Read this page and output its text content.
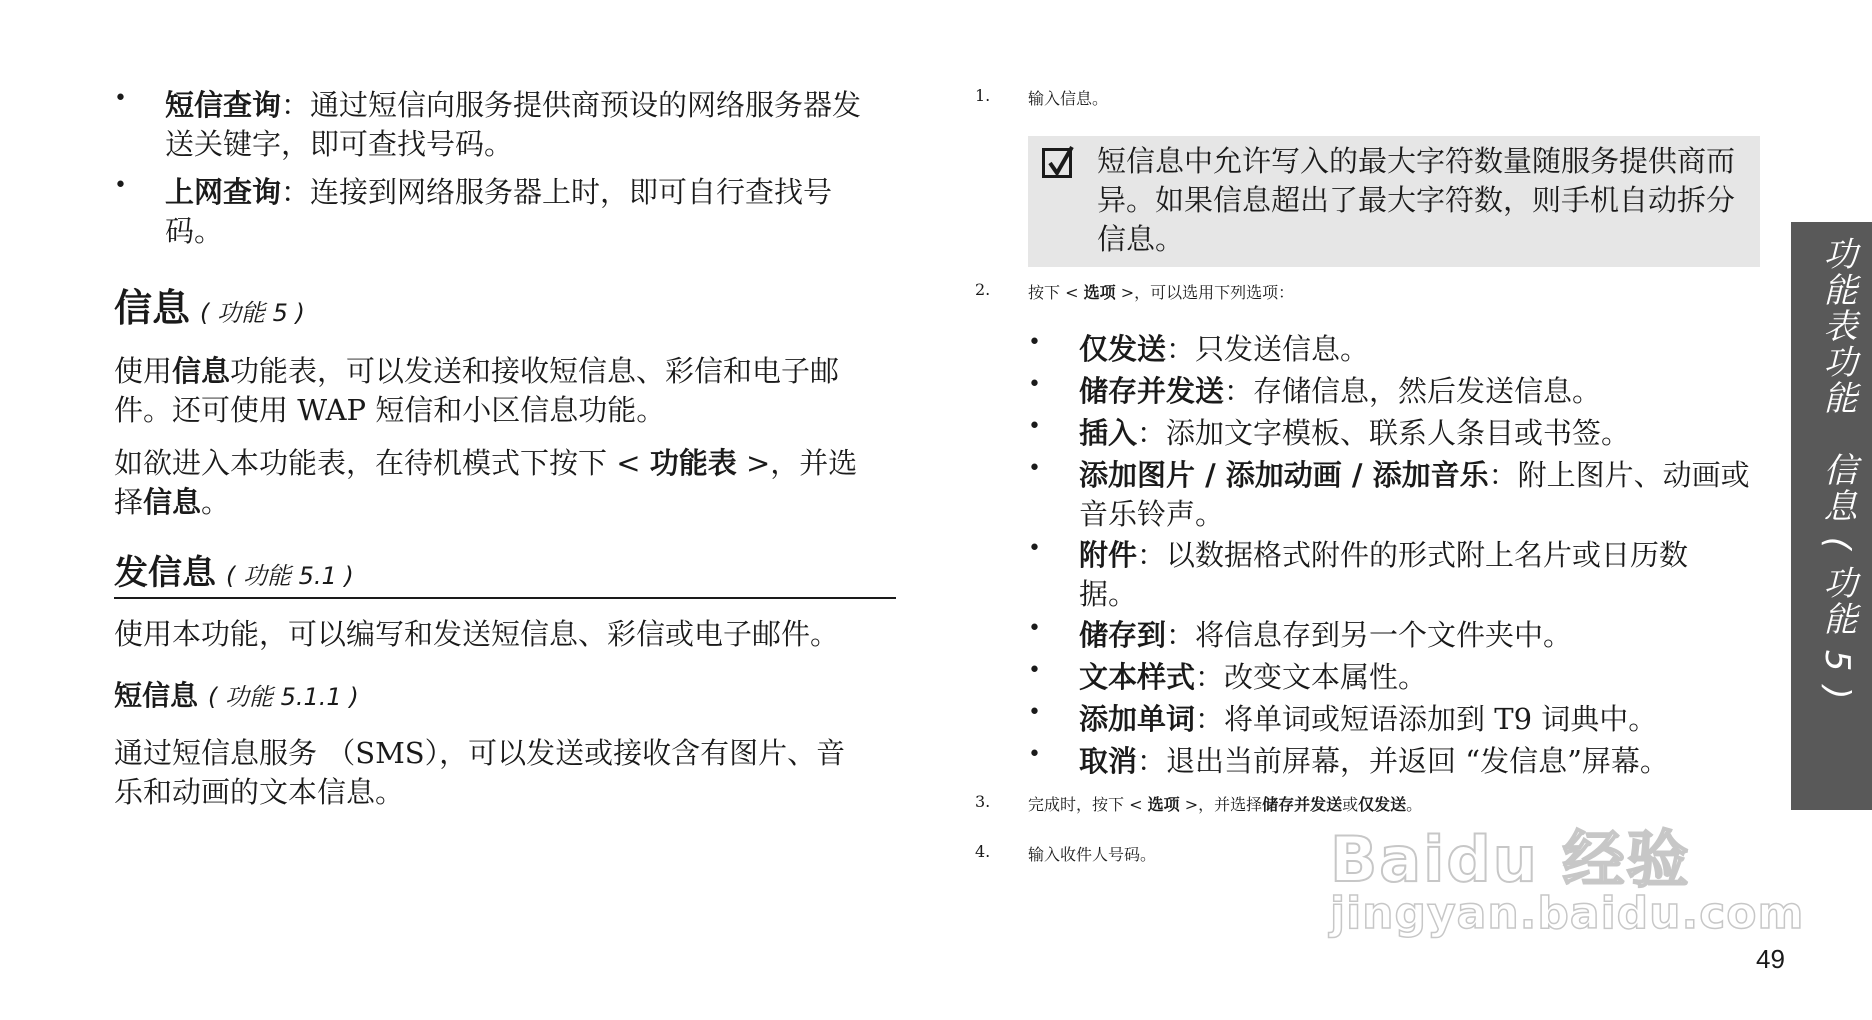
•	短信查询：通过短信向服务提供商预设的网络服务器发

送关键字，即可查找号码。

•	上网查询：连接到网络服务器上时，即可自行查找号

码。

信息 ( 功能 5 )

使用信息功能表，可以发送和接收短信息、彩信和电子邮

件。还可使用 WAP 短信和小区信息功能。

如欲进入本功能表，在待机模式下按下 < 功能表 >，并选

择信息。

发信息 ( 功能 5.1 )

使用本功能，可以编写和发送短信息、彩信或电子邮件。

短信息 ( 功能 5.1.1 )

通过短信息服务 （SMS），可以发送或接收含有图片、音

乐和动画的文本信息。

1.	输入信息。

短信息中允许写入的最大字符数量随服务提供商而

异。如果信息超出了最大字符数，则手机自动拆分

信息。

2.	按下 < 选项 >，可以选用下列选项：
•	仅发送：只发送信息。

•	储存并发送：存储信息，然后发送信息。

•	插入：添加文字模板、联系人条目或书签。

•	添加图片 / 添加动画 / 添加音乐：附上图片、动画或

音乐铃声。

•	附件：以数据格式附件的形式附上名片或日历数

据。

•	储存到：将信息存到另一个文件夹中。

•	文本样式：改变文本属性。

•	添加单词：将单词或短语添加到 T9 词典中。

•	取消：退出当前屏幕，并返回 “发信息”屏幕。

3.	完成时，按下 < 选项 >，并选择储存并发送或仅发送。
4.	输入收件人号码。
功能表功能　信息 ( 功能 5 )
Baidu 经验
jingyan.baidu.com
49
